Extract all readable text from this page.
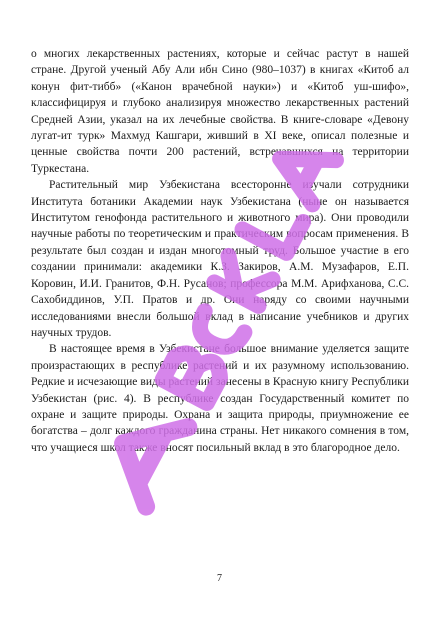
о многих лекарственных растениях, которые и сейчас растут в нашей стране. Другой ученый Абу Али ибн Сино (980–1037) в книгах «Китоб ал конун фит-тибб» («Канон врачебной науки») и «Китоб уш-шифо», классифицируя и глубоко анализируя множество лекарственных растений Средней Азии, указал на их лечебные свойства. В книге-словаре «Девону лугат-ит турк» Махмуд Кашгари, живший в XI веке, описал полезные и ценные свойства почти 200 растений, встречавшихся на территории Туркестана.

Растительный мир Узбекистана всесторонне изучали сотрудники Института ботаники Академии наук Узбекистана (ныне он называется Институтом генофонда растительного и животного мира). Они проводили научные работы по теоретическим и практическим вопросам применения. В результате был создан и издан многотомный труд. Большое участие в его создании принимали: академики К.З. Закиров, А.М. Музафаров, Е.П. Коровин, И.И. Гранитов, Ф.Н. Русанов; профессора М.М. Арифханова, С.С. Сахобиддинов, У.П. Пратов и др. Они наряду со своими научными исследованиями внесли большой вклад в написание учебников и других научных трудов.

В настоящее время в Узбекистане большое внимание уделяется защите произрастающих в республике растений и их разумному использованию. Редкие и исчезающие виды растений занесены в Красную книгу Республики Узбекистан (рис. 4). В республике создан Государственный комитет по охране и защите природы. Охрана и защита природы, приумножение ее богатства – долг каждого гражданина страны. Нет никакого сомнения в том, что учащиеся школ также вносят посильный вклад в это благородное дело.

7
